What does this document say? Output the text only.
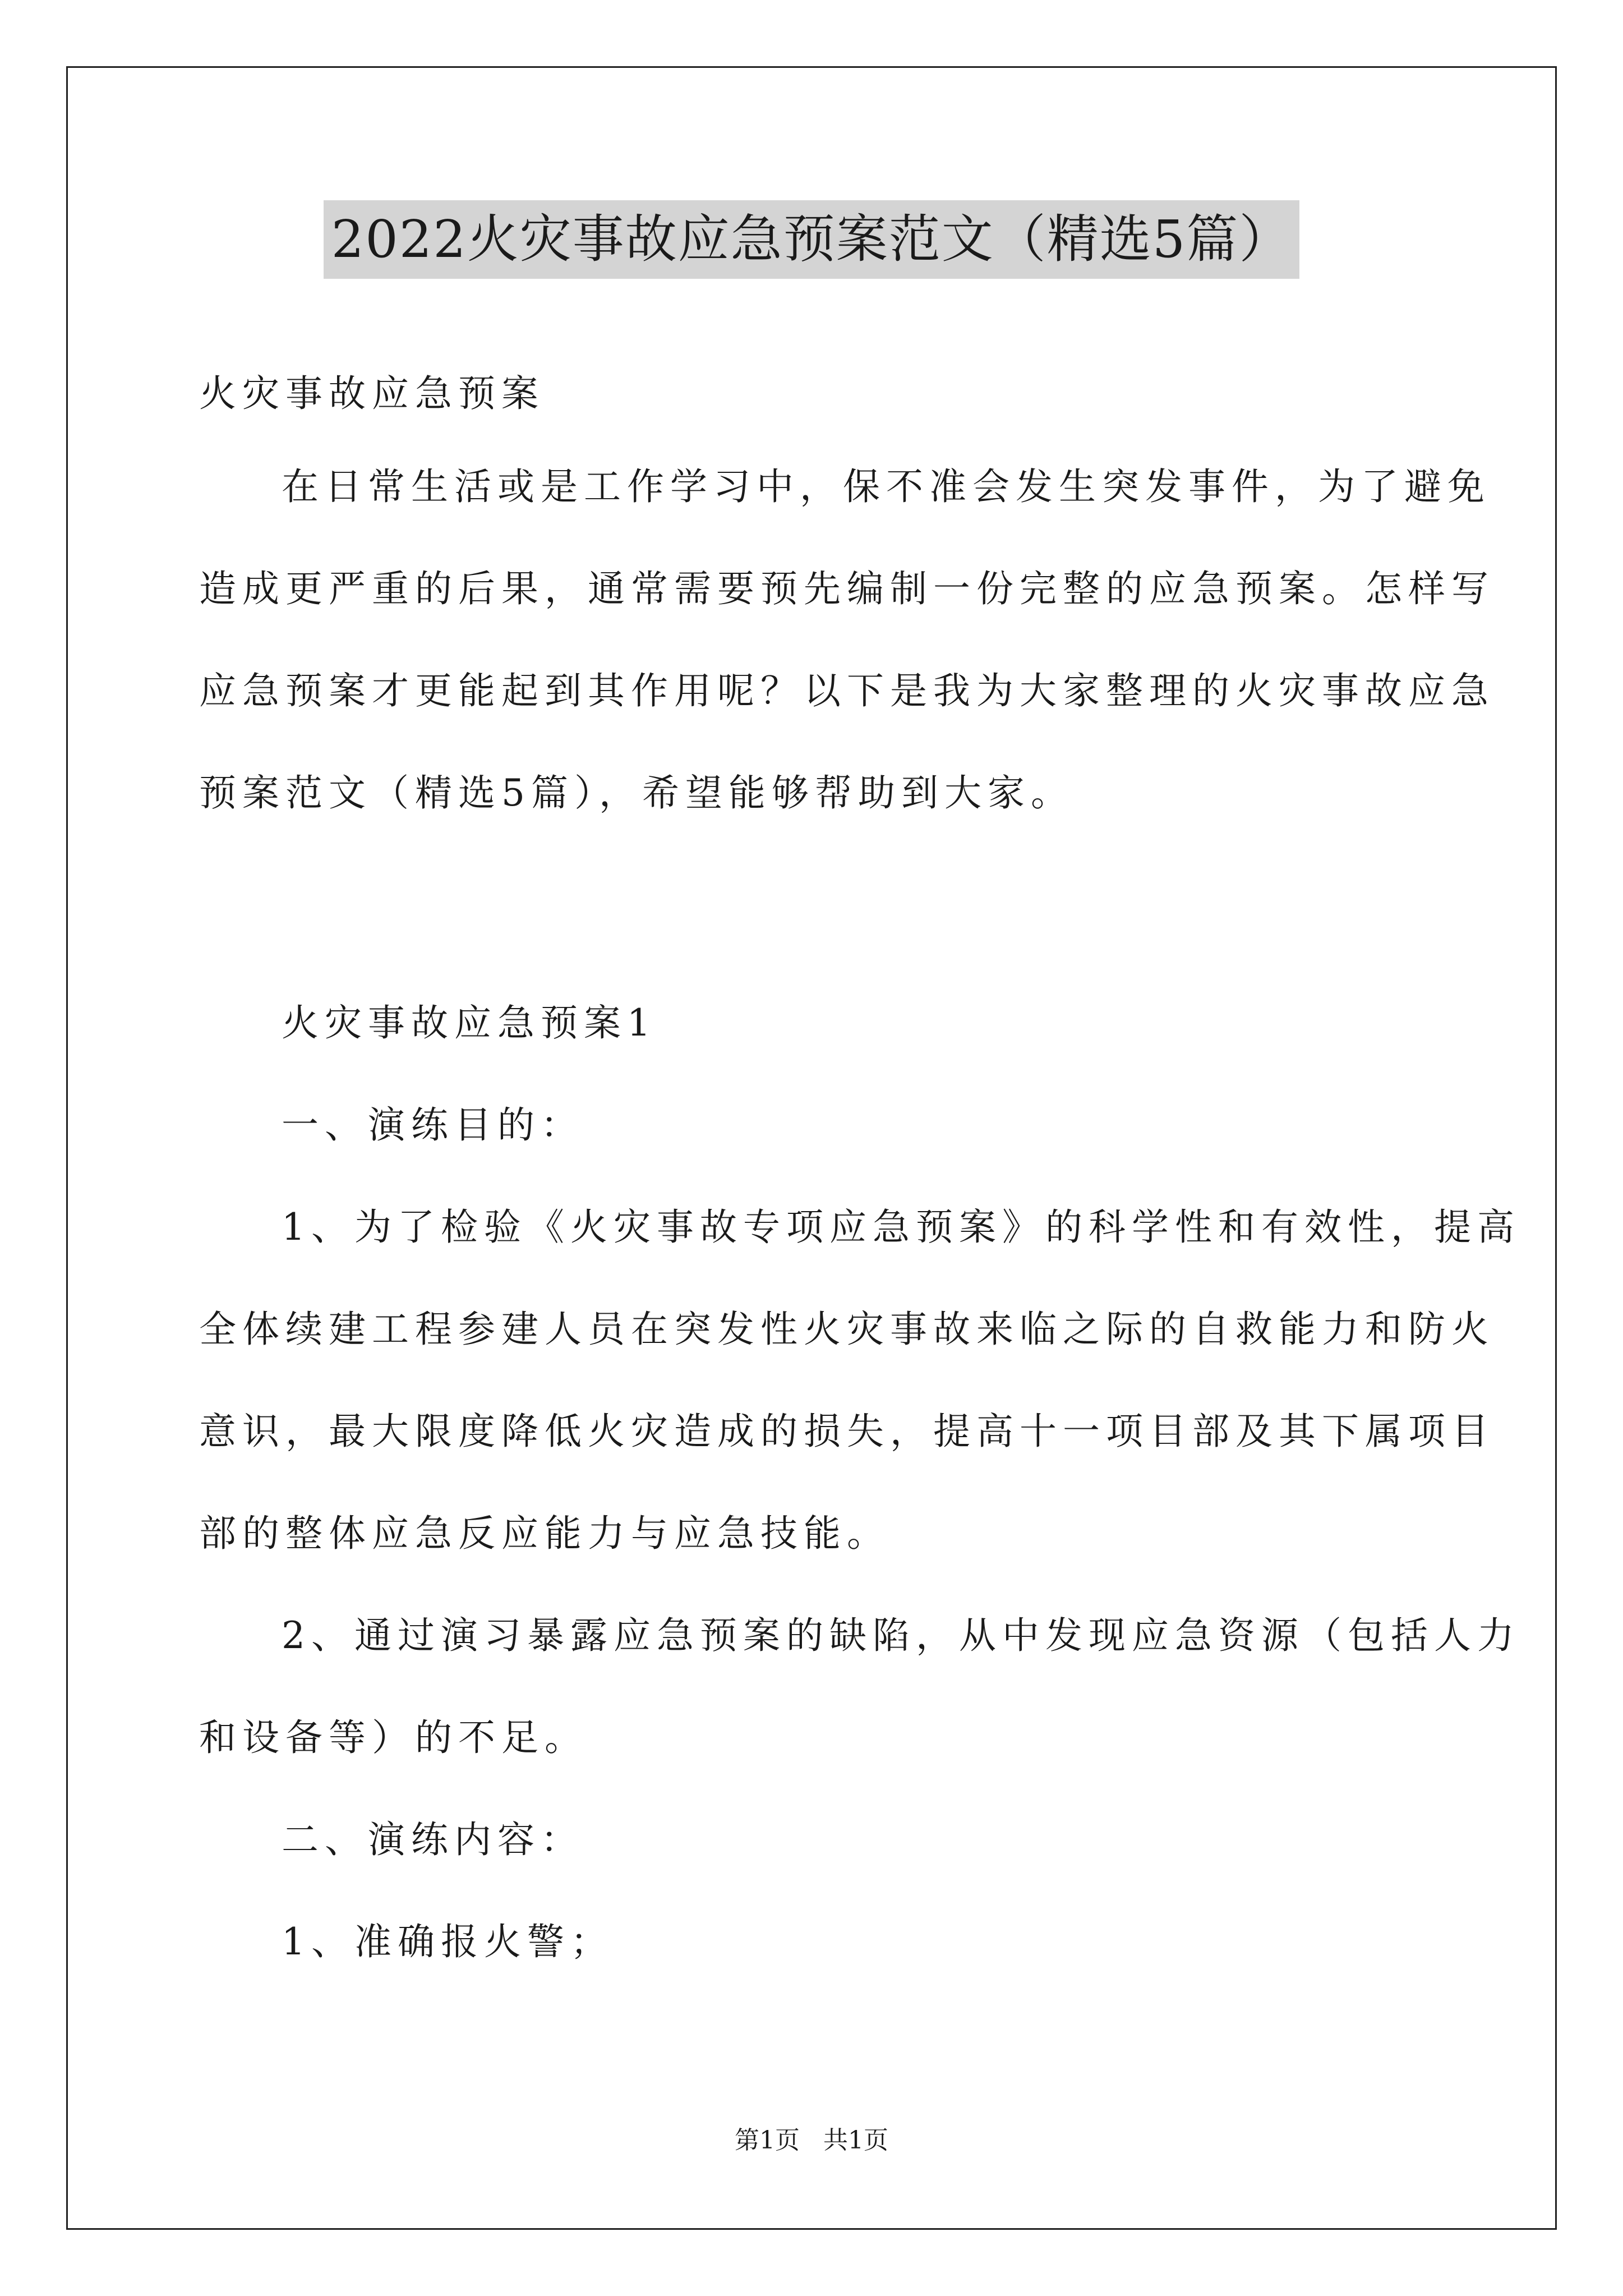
2022火灾事故应急预案范文（精选5篇）

火灾事故应急预案

在日常生活或是工作学习中，保不准会发生突发事件，为了避免

造成更严重的后果，通常需要预先编制一份完整的应急预案。怎样写

应急预案才更能起到其作用呢？以下是我为大家整理的火灾事故应急

预案范文（精选5篇），希望能够帮助到大家。

火灾事故应急预案1

一、演练目的：

1、为了检验《火灾事故专项应急预案》的科学性和有效性，提高

全体续建工程参建人员在突发性火灾事故来临之际的自救能力和防火

意识，最大限度降低火灾造成的损失，提高十一项目部及其下属项目

部的整体应急反应能力与应急技能。

2、通过演习暴露应急预案的缺陷，从中发现应急资源（包括人力

和设备等）的不足。

二、演练内容：

1、准确报火警；

第1页   共1页
